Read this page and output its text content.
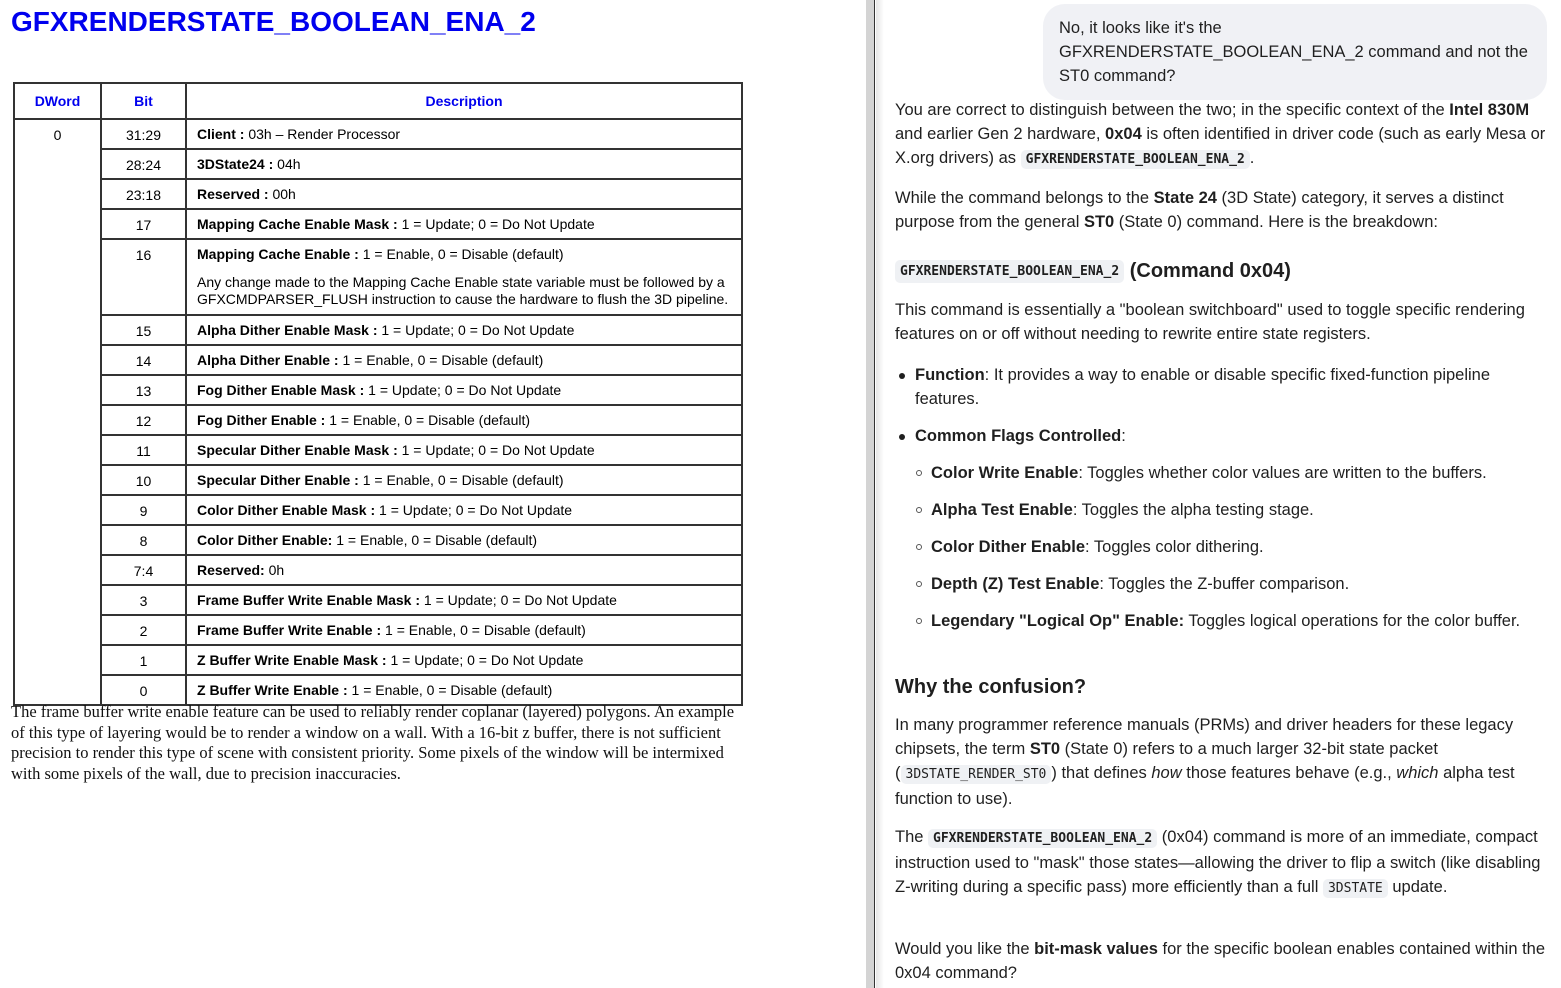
GFXRENDERSTATE_BOOLEAN_ENA_2
DWord	Bit	Description
0	31:29	Client : 03h – Render Processor

	28:24	3DState24 : 04h

	23:18	Reserved : 00h

	17	Mapping Cache Enable Mask : 1 = Update; 0 = Do Not Update

	16	Mapping Cache Enable : 1 = Enable, 0 = Disable (default)
Any change made to the Mapping Cache Enable state variable must be followed by a GFXCMDPARSER_FLUSH instruction to cause the hardware to flush the 3D pipeline.

	15	Alpha Dither Enable Mask : 1 = Update; 0 = Do Not Update

	14	Alpha Dither Enable : 1 = Enable, 0 = Disable (default)

	13	Fog Dither Enable Mask : 1 = Update; 0 = Do Not Update

	12	Fog Dither Enable : 1 = Enable, 0 = Disable (default)

	11	Specular Dither Enable Mask : 1 = Update; 0 = Do Not Update

	10	Specular Dither Enable : 1 = Enable, 0 = Disable (default)

	9	Color Dither Enable Mask : 1 = Update; 0 = Do Not Update

	8	Color Dither Enable: 1 = Enable, 0 = Disable (default)

	7:4	Reserved: 0h

	3	Frame Buffer Write Enable Mask : 1 = Update; 0 = Do Not Update

	2	Frame Buffer Write Enable : 1 = Enable, 0 = Disable (default)

	1	Z Buffer Write Enable Mask : 1 = Update; 0 = Do Not Update

	0	Z Buffer Write Enable : 1 = Enable, 0 = Disable (default)

The frame buffer write enable feature can be used to reliably render coplanar (layered) polygons. An example of this type of layering would be to render a window on a wall. With a 16-bit z buffer, there is not sufficient precision to render this type of scene with consistent priority. Some pixels of the window will be intermixed with some pixels of the wall, due to precision inaccuracies.

No, it looks like it's the GFXRENDERSTATE_BOOLEAN_ENA_2 command and not the ST0 command?

You are correct to distinguish between the two; in the specific context of the Intel 830M and earlier Gen 2 hardware, 0x04 is often identified in driver code (such as early Mesa or X.org drivers) as GFXRENDERSTATE_BOOLEAN_ENA_2 .

While the command belongs to the State 24 (3D State) category, it serves a distinct purpose from the general ST0 (State 0) command. Here is the breakdown:

GFXRENDERSTATE_BOOLEAN_ENA_2 (Command 0x04)

This command is essentially a "boolean switchboard" used to toggle specific rendering features on or off without needing to rewrite entire state registers.

Function: It provides a way to enable or disable specific fixed-function pipeline features.
Common Flags Controlled:
Color Write Enable: Toggles whether color values are written to the buffers.
Alpha Test Enable: Toggles the alpha testing stage.
Color Dither Enable: Toggles color dithering.
Depth (Z) Test Enable: Toggles the Z-buffer comparison.
Legendary "Logical Op" Enable: Toggles logical operations for the color buffer.
Why the confusion?

In many programmer reference manuals (PRMs) and driver headers for these legacy chipsets, the term ST0 (State 0) refers to a much larger 32-bit state packet ( 3DSTATE_RENDER_ST0 ) that defines how those features behave (e.g., which alpha test function to use).

The GFXRENDERSTATE_BOOLEAN_ENA_2 (0x04) command is more of an immediate, compact instruction used to "mask" those states—allowing the driver to flip a switch (like disabling Z-writing during a specific pass) more efficiently than a full 3DSTATE update.

Would you like the bit-mask values for the specific boolean enables contained within the 0x04 command?
